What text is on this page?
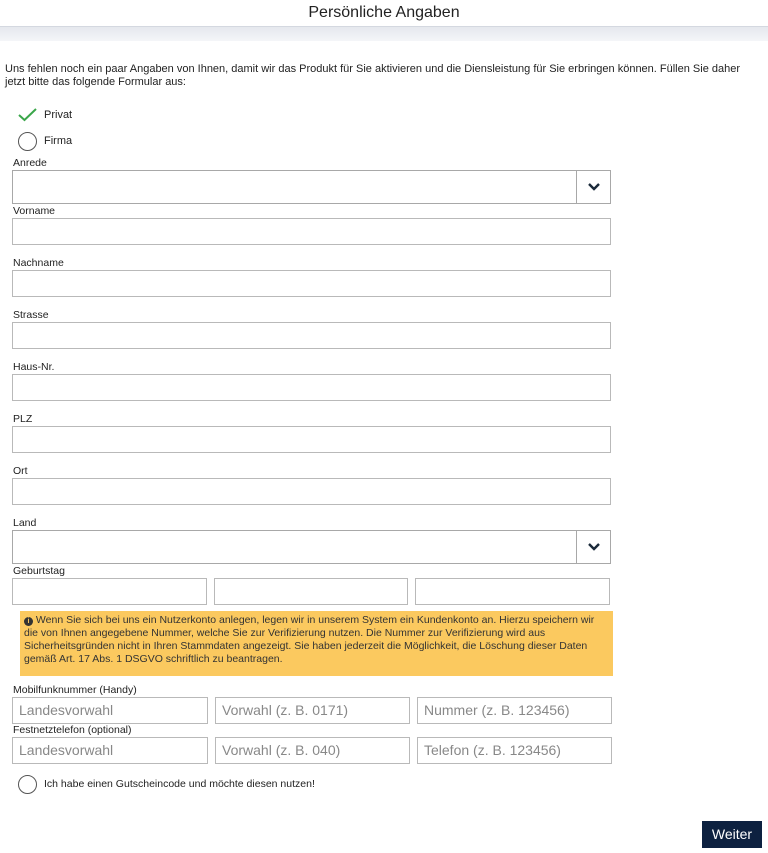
Persönliche Angaben
Uns fehlen noch ein paar Angaben von Ihnen, damit wir das Produkt für Sie aktivieren und die Diensleistung für Sie erbringen können. Füllen Sie daher jetzt bitte das folgende Formular aus:
Privat
Firma
Anrede
Vorname
Nachname
Strasse
Haus-Nr.
PLZ
Ort
Land
Geburtstag
i Wenn Sie sich bei uns ein Nutzerkonto anlegen, legen wir in unserem System ein Kundenkonto an. Hierzu speichern wir die von Ihnen angegebene Nummer, welche Sie zur Verifizierung nutzen. Die Nummer zur Verifizierung wird aus Sicherheitsgründen nicht in Ihren Stammdaten angezeigt. Sie haben jederzeit die Möglichkeit, die Löschung dieser Daten gemäß Art. 17 Abs. 1 DSGVO schriftlich zu beantragen.
Mobilfunknummer (Handy)
Landesvorwahl	Vorwahl (z. B. 0171)	Nummer (z. B. 123456)
Festnetztelefon (optional)
Landesvorwahl	Vorwahl (z. B. 040)	Telefon (z. B. 123456)
Ich habe einen Gutscheincode und möchte diesen nutzen!
Weiter
